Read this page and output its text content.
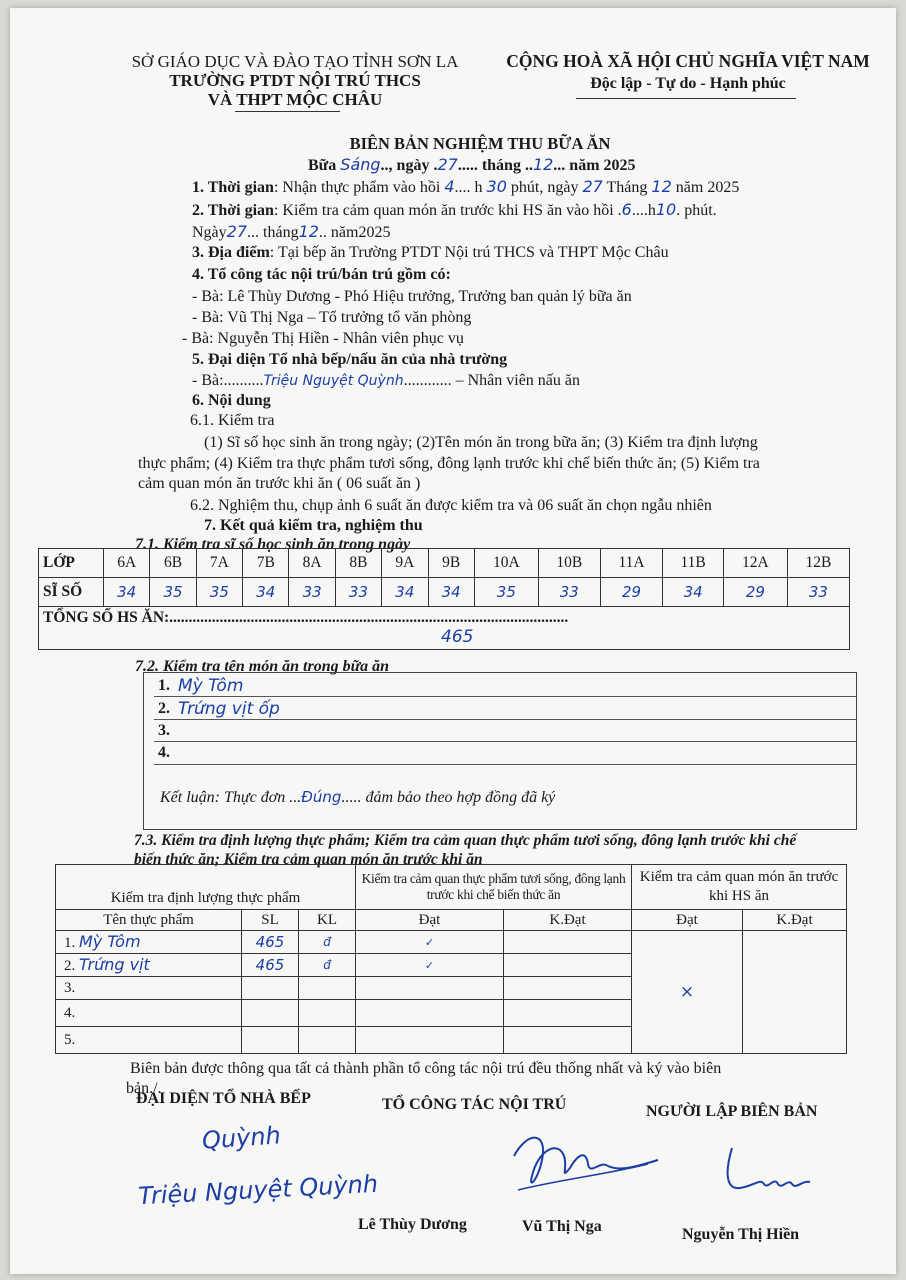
SỞ GIÁO DỤC VÀ ĐÀO TẠO TỈNH SƠN LA
TRƯỜNG PTDT NỘI TRÚ THCS
VÀ THPT MỘC CHÂU
CỘNG HOÀ XÃ HỘI CHỦ NGHĨA VIỆT NAM
Độc lập - Tự do - Hạnh phúc
BIÊN BẢN NGHIỆM THU BỮA ĂN
Bữa Sáng.., ngày .27..... tháng ..12... năm 2025
1. Thời gian: Nhận thực phẩm vào hồi 4.... h 30 phút, ngày 27 Tháng 12 năm 2025
2. Thời gian: Kiểm tra cảm quan món ăn trước khi HS ăn vào hồi .6....h10. phút.
Ngày27... tháng12.. năm2025
3. Địa điểm: Tại bếp ăn Trường PTDT Nội trú THCS và THPT Mộc Châu
4. Tổ công tác nội trú/bán trú gồm có:
- Bà: Lê Thùy Dương - Phó Hiệu trưởng, Trưởng ban quản lý bữa ăn
- Bà: Vũ Thị Nga – Tổ trưởng tổ văn phòng
- Bà: Nguyễn Thị Hiền - Nhân viên phục vụ
5. Đại diện Tổ nhà bếp/nấu ăn của nhà trường
- Bà:..........Triệu Nguyệt Quỳnh............ – Nhân viên nấu ăn
6. Nội dung
6.1. Kiểm tra
(1) Sĩ số học sinh ăn trong ngày; (2)Tên món ăn trong bữa ăn; (3) Kiểm tra định lượng
thực phẩm; (4) Kiểm tra thực phẩm tươi sống, đông lạnh trước khi chế biến thức ăn; (5) Kiểm tra
cảm quan món ăn trước khi ăn ( 06 suất ăn )
6.2. Nghiệm thu, chụp ảnh 6 suất ăn được kiểm tra và 06 suất ăn chọn ngẫu nhiên
7. Kết quả kiểm tra, nghiệm thu
7.1. Kiểm tra sĩ số học sinh ăn trong ngày
LỚP	6A	6B	7A	7B	8A	8B	9A	9B	10A	10B	11A	11B	12A	12B
SĨ SỐ	34	35	35	34	33	33	34	34	35	33	29	34	29	33

TỔNG SỐ HS ĂN:.......................................................................................................
465														
7.2. Kiểm tra tên món ăn trong bữa ăn
1. Mỳ Tôm
2. Trứng vịt ốp
3.
4.
Kết luận: Thực đơn ...Đúng..... đảm bảo theo hợp đồng đã ký
7.3. Kiểm tra định lượng thực phẩm; Kiểm tra cảm quan thực phẩm tươi sống, đông lạnh trước khi chế
biến thức ăn; Kiểm tra cảm quan món ăn trước khi ăn
Kiểm tra định lượng thực phẩm			Kiểm tra cảm quan thực phẩm tươi sống, đông lạnh trước khi chế biến thức ăn		Kiểm tra cảm quan món ăn trước khi HS ăn	
Tên thực phẩm	SL	KL	Đạt	K.Đạt	Đạt	K.Đạt
1. Mỳ Tôm	465	đ	✓		×	
2. Trứng vịt	465	đ	✓			
3.						
4.						
5.						
Biên bản được thông qua tất cả thành phần tổ công tác nội trú đều thống nhất và ký vào biên
bản./.
ĐẠI DIỆN TỔ NHÀ BẾP	TỔ CÔNG TÁC NỘI TRÚ	NGƯỜI LẬP BIÊN BẢN
Quỳnh
Triệu Nguyệt Quỳnh
Lê Thùy Dương	Vũ Thị Nga	Nguyễn Thị Hiền
